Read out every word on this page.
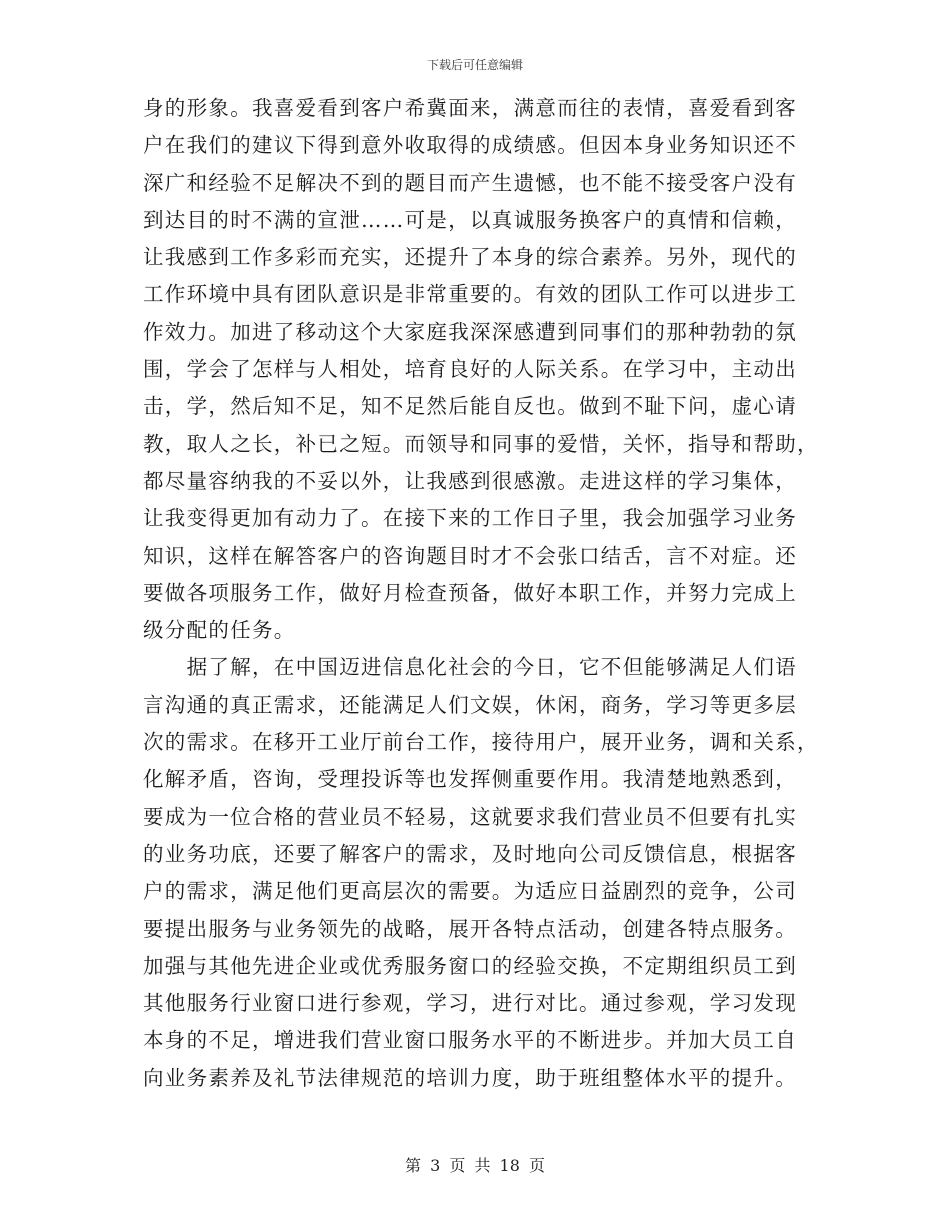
下载后可任意编辑
身的形象。我喜爱看到客户希冀面来，满意而往的表情，喜爱看到客
户在我们的建议下得到意外收取得的成绩感。但因本身业务知识还不
深广和经验不足解决不到的题目而产生遗憾，也不能不接受客户没有
到达目的时不满的宣泄……可是，以真诚服务换客户的真情和信赖，
让我感到工作多彩而充实，还提升了本身的综合素养。另外，现代的
工作环境中具有团队意识是非常重要的。有效的团队工作可以进步工
作效力。加进了移动这个大家庭我深深感遭到同事们的那种勃勃的氛
围，学会了怎样与人相处，培育良好的人际关系。在学习中，主动出
击，学，然后知不足，知不足然后能自反也。做到不耻下问，虚心请
教，取人之长，补已之短。而领导和同事的爱惜，关怀，指导和帮助，
都尽量容纳我的不妥以外，让我感到很感激。走进这样的学习集体，
让我变得更加有动力了。在接下来的工作日子里，我会加强学习业务
知识，这样在解答客户的咨询题目时才不会张口结舌，言不对症。还
要做各项服务工作，做好月检查预备，做好本职工作，并努力完成上
级分配的任务。
　　据了解，在中国迈进信息化社会的今日，它不但能够满足人们语
言沟通的真正需求，还能满足人们文娱，休闲，商务，学习等更多层
次的需求。在移开工业厅前台工作，接待用户，展开业务，调和关系，
化解矛盾，咨询，受理投诉等也发挥侧重要作用。我清楚地熟悉到，
要成为一位合格的营业员不轻易，这就要求我们营业员不但要有扎实
的业务功底，还要了解客户的需求，及时地向公司反馈信息，根据客
户的需求，满足他们更高层次的需要。为适应日益剧烈的竞争，公司
要提出服务与业务领先的战略，展开各特点活动，创建各特点服务。
加强与其他先进企业或优秀服务窗口的经验交换，不定期组织员工到
其他服务行业窗口进行参观，学习，进行对比。通过参观，学习发现
本身的不足，增进我们营业窗口服务水平的不断进步。并加大员工自
向业务素养及礼节法律规范的培训力度，助于班组整体水平的提升。
第 3 页 共 18 页
